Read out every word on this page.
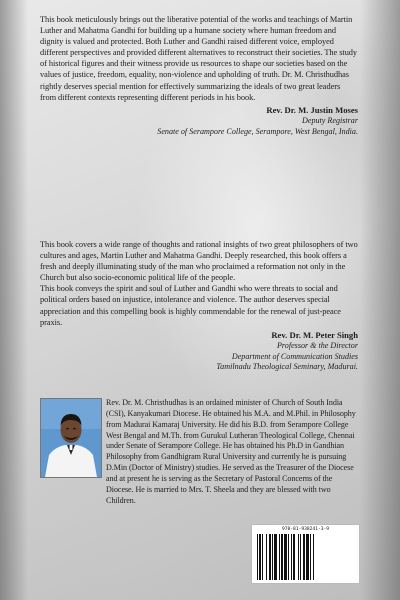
This book meticulously brings out the liberative potential of the works and teachings of Martin Luther and Mahatma Gandhi for building up a humane society where human freedom and dignity is valued and protected. Both Luther and Gandhi raised different voice, employed different perspectives and provided different alternatives to reconstruct their societies. The study of historical figures and their witness provide us resources to shape our societies based on the values of justice, freedom, equality, non-violence and upholding of truth. Dr. M. Christhudhas rightly deserves special mention for effectively summarizing the ideals of two great leaders from different contexts representing different periods in his book.

Rev. Dr. M. Justin Moses
Deputy Registrar
Senate of Serampore College, Serampore, West Bengal, India.

This book covers a wide range of thoughts and rational insights of two great philosophers of two cultures and ages, Martin Luther and Mahatma Gandhi. Deeply researched, this book offers a fresh and deeply illuminating study of the man who proclaimed a reformation not only in the Church but also socio-economic political life of the people.

This book conveys the spirit and soul of Luther and Gandhi who were threats to social and political orders based on injustice, intolerance and violence. The author deserves special appreciation and this compelling book is highly commendable for the renewal of just-peace praxis.

Rev. Dr. M. Peter Singh
Professor & the Director
Department of Communication Studies
Tamilnadu Theological Seminary, Madurai.

Rev. Dr. M. Christhudhas is an ordained minister of Church of South India (CSI), Kanyakumari Diocese. He obtained his M.A. and M.Phil. in Philosophy from Madurai Kamaraj University. He did his B.D. from Serampore College West Bengal and M.Th. from Gurukul Lutheran Theological College, Chennai under Senate of Serampore College. He has obtained his Ph.D in Gandhian Philosophy from Gandhigram Rural University and currently he is pursuing D.Min (Doctor of Ministry) studies. He served as the Treasurer of the Diocese and at present he is serving as the Secretary of Pastoral Concerns of the Diocese. He is married to Mrs. T. Sheela and they are blessed with two Children.

978-81-938241-3-9
